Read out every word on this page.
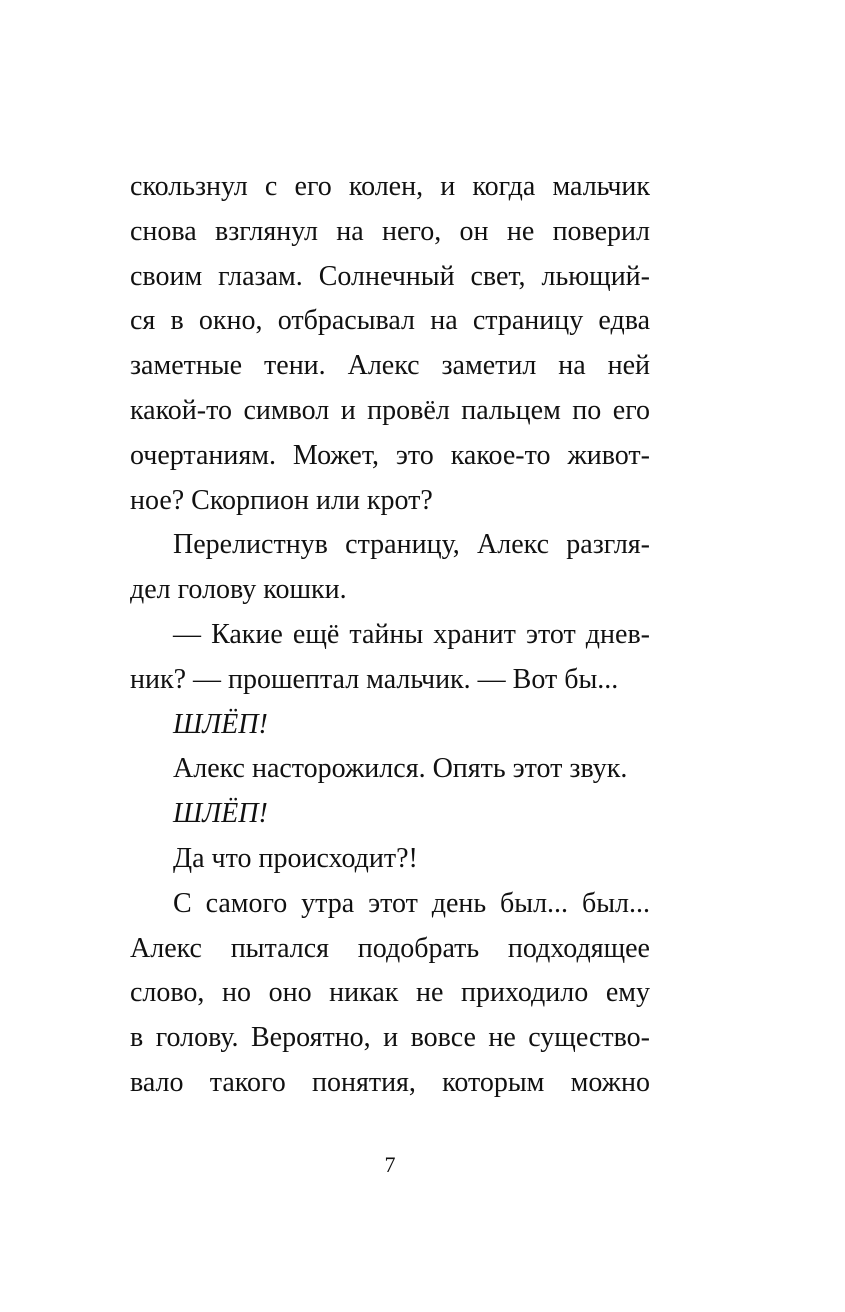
скользнул с его колен, и когда мальчик
снова взглянул на него, он не поверил
своим глазам. Солнечный свет, льющий-
ся в окно, отбрасывал на страницу едва
заметные тени. Алекс заметил на ней
какой-то символ и провёл пальцем по его
очертаниям. Может, это какое-то живот-
ное? Скорпион или крот?
Перелистнув страницу, Алекс разгля-
дел голову кошки.
— Какие ещё тайны хранит этот днев-
ник? — прошептал мальчик. — Вот бы...
ШЛЁП!
Алекс насторожился. Опять этот звук.
ШЛЁП!
Да что происходит?!
С самого утра этот день был... был...
Алекс пытался подобрать подходящее
слово, но оно никак не приходило ему
в голову. Вероятно, и вовсе не существо-
вало такого понятия, которым можно
7
